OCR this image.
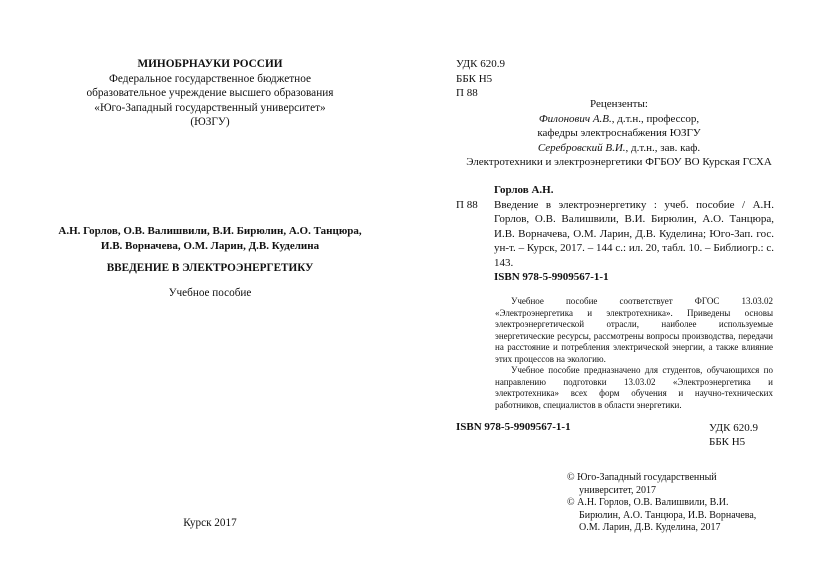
МИНОБРНАУКИ РОССИИ
Федеральное государственное бюджетное
образовательное учреждение высшего образования
«Юго-Западный государственный университет»
(ЮЗГУ)
А.Н. Горлов, О.В. Валишвили, В.И. Бирюлин, А.О. Танцюра,
И.В. Ворначева, О.М. Ларин, Д.В. Куделина
ВВЕДЕНИЕ В ЭЛЕКТРОЭНЕРГЕТИКУ
Учебное пособие
Курск 2017
УДК 620.9
ББК Н5
П 88
Рецензенты:
Филонович А.В., д.т.н., профессор,
кафедры электроснабжения ЮЗГУ
Серебровский В.И., д.т.н., зав. каф.
Электротехники и электроэнергетики ФГБОУ ВО Курская ГСХА
Горлов А.Н.
П 88	Введение в электроэнергетику : учеб. пособие / А.Н. Горлов, О.В. Валишвили, В.И. Бирюлин, А.О. Танцюра, И.В. Ворначева, О.М. Ларин, Д.В. Куделина; Юго-Зап. гос. ун-т. – Курск, 2017. – 144 с.: ил. 20, табл. 10. – Библиогр.: с. 143.
ISBN 978-5-9909567-1-1

Учебное пособие соответствует ФГОС 13.03.02 «Электроэнергетика и электротехника». Приведены основы электроэнергетической отрасли, наиболее используемые энергетические ресурсы, рассмотрены вопросы производства, передачи на расстояние и потребления электрической энергии, а также влияние этих процессов на экологию.

Учебное пособие предназначено для студентов, обучающихся по направлению подготовки 13.03.02 «Электроэнергетика и электротехника» всех форм обучения и научно-технических работников, специалистов в области энергетики.

ISBN 978-5-9909567-1-1	УДК 620.9
ББК Н5
© Юго-Западный государственный университет, 2017
© А.Н. Горлов, О.В. Валишвили, В.И. Бирюлин, А.О. Танцюра, И.В. Ворначева, О.М. Ларин, Д.В. Куделина, 2017
